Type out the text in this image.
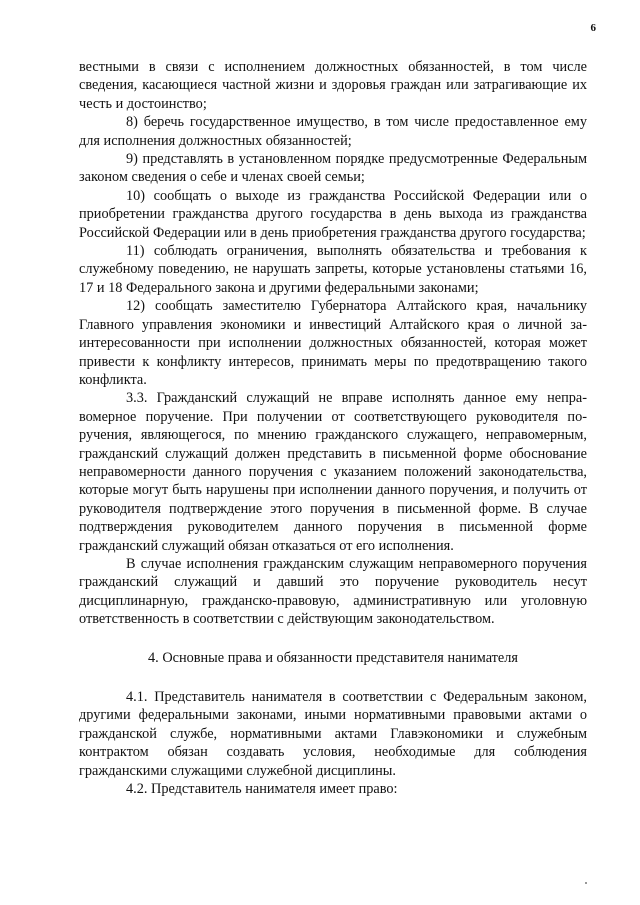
6

вестными в связи с исполнением должностных обязанностей, в том числе сведения, касающиеся частной жизни и здоровья граждан или затрагивающие их честь и достоинство;

8) беречь государственное имущество, в том числе предоставленное ему для исполнения должностных обязанностей;

9) представлять в установленном порядке предусмотренные Федеральным законом сведения о себе и членах своей семьи;

10) сообщать о выходе из гражданства Российской Федерации или о приобретении гражданства другого государства в день выхода из гражданства Российской Федерации или в день приобретения гражданства другого государства;

11) соблюдать ограничения, выполнять обязательства и требования к служебному поведению, не нарушать запреты, которые установлены статьями 16, 17 и 18 Федерального закона и другими федеральными законами;

12) сообщать заместителю Губернатора Алтайского края, начальнику Главного управления экономики и инвестиций Алтайского края о личной заинтересованности при исполнении должностных обязанностей, которая может привести к конфликту интересов, принимать меры по предотвращению такого конфликта.

3.3. Гражданский служащий не вправе исполнять данное ему неправомерное поручение. При получении от соответствующего руководителя поручения, являющегося, по мнению гражданского служащего, неправомерным, гражданский служащий должен представить в письменной форме обоснование неправомерности данного поручения с указанием положений законодательства, которые могут быть нарушены при исполнении данного поручения, и получить от руководителя подтверждение этого поручения в письменной форме. В случае подтверждения руководителем данного поручения в письменной форме гражданский служащий обязан отказаться от его исполнения.

В случае исполнения гражданским служащим неправомерного поручения гражданский служащий и давший это поручение руководитель несут дисциплинарную, гражданско-правовую, административную или уголовную ответственность в соответствии с действующим законодательством.

4. Основные права и обязанности представителя нанимателя

4.1. Представитель нанимателя в соответствии с Федеральным законом, другими федеральными законами, иными нормативными правовыми актами о гражданской службе, нормативными актами Главэкономики и служебным контрактом обязан создавать условия, необходимые для соблюдения гражданскими служащими служебной дисциплины.

4.2. Представитель нанимателя имеет право:
